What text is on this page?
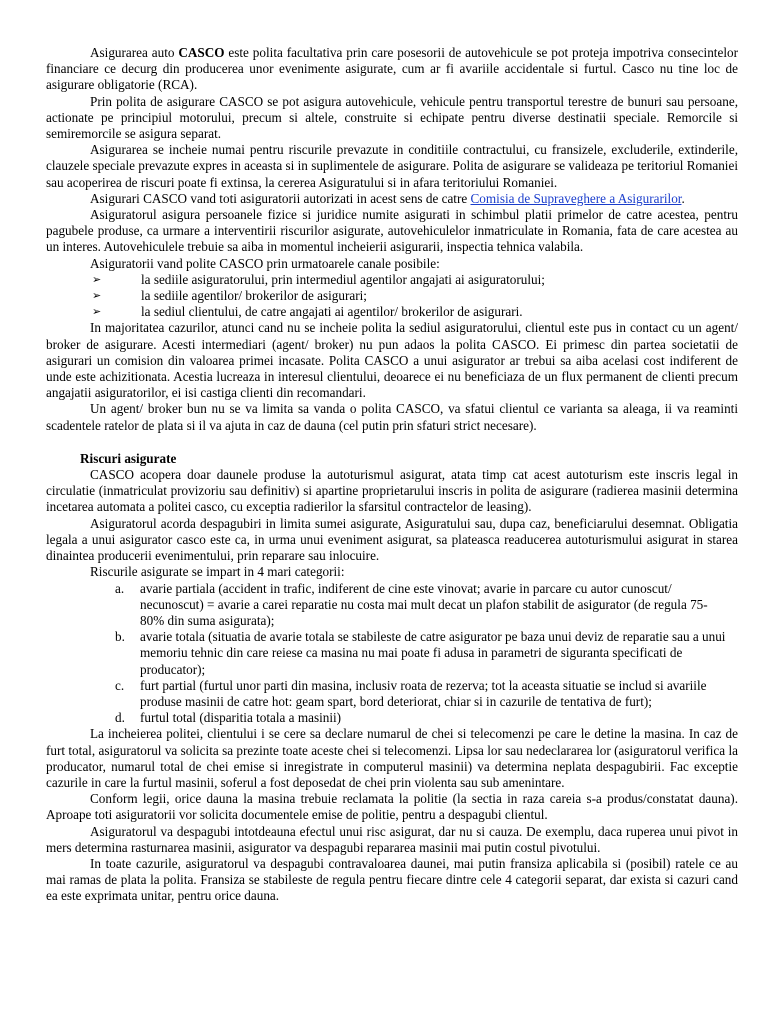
Asigurarea auto CASCO este polita facultativa prin care posesorii de autovehicule se pot proteja impotriva consecintelor financiare ce decurg din producerea unor evenimente asigurate, cum ar fi avariile accidentale si furtul. Casco nu tine loc de asigurare obligatorie (RCA).

Prin polita de asigurare CASCO se pot asigura autovehicule, vehicule pentru transportul terestre de bunuri sau persoane, actionate pe principiul motorului, precum si altele, construite si echipate pentru diverse destinatii speciale. Remorcile si semiremorcile se asigura separat.

Asigurarea se incheie numai pentru riscurile prevazute in conditiile contractului, cu fransizele, excluderile, extinderile, clauzele speciale prevazute expres in aceasta si in suplimentele de asigurare. Polita de asigurare se valideaza pe teritoriul Romaniei sau acoperirea de riscuri poate fi extinsa, la cererea Asiguratului si in afara teritoriului Romaniei.

Asigurari CASCO vand toti asiguratorii autorizati in acest sens de catre Comisia de Supraveghere a Asigurarilor.

Asiguratorul asigura persoanele fizice si juridice numite asigurati in schimbul platii primelor de catre acestea, pentru pagubele produse, ca urmare a interventirii riscurilor asigurate, autovehiculelor inmatriculate in Romania, fata de care acestea au un interes. Autovehiculele trebuie sa aiba in momentul incheierii asigurarii, inspectia tehnica valabila.

Asiguratorii vand polite CASCO prin urmatoarele canale posibile:

➢	la sediile asiguratorului, prin intermediul agentilor angajati ai asiguratorului;
➢	la sediile agentilor/ brokerilor de asigurari;
➢	la sediul clientului, de catre angajati ai agentilor/ brokerilor de asigurari.

In majoritatea cazurilor, atunci cand nu se incheie polita la sediul asiguratorului, clientul este pus in contact cu un agent/ broker de asigurare. Acesti intermediari (agent/ broker) nu pun adaos la polita CASCO. Ei primesc din partea societatii de asigurari un comision din valoarea primei incasate. Polita CASCO a unui asigurator ar trebui sa aiba acelasi cost indiferent de unde este achizitionata. Acestia lucreaza in interesul clientului, deoarece ei nu beneficiaza de un flux permanent de clienti precum angajatii asiguratorilor, ei isi castiga clienti din recomandari.

Un agent/ broker bun nu se va limita sa vanda o polita CASCO, va sfatui clientul ce varianta sa aleaga, ii va reaminti scadentele ratelor de plata si il va ajuta in caz de dauna (cel putin prin sfaturi strict necesare).

Riscuri asigurate

CASCO acopera doar daunele produse la autoturismul asigurat, atata timp cat acest autoturism este inscris legal in circulatie (inmatriculat provizoriu sau definitiv) si apartine proprietarului inscris in polita de asigurare (radierea masinii determina incetarea automata a politei casco, cu exceptia radierilor la sfarsitul contractelor de leasing).

Asiguratorul acorda despagubiri in limita sumei asigurate, Asiguratului sau, dupa caz, beneficiarului desemnat. Obligatia legala a unui asigurator casco este ca, in urma unui eveniment asigurat, sa plateasca readucerea autoturismului asigurat in starea dinaintea producerii evenimentului, prin reparare sau inlocuire.

Riscurile asigurate se impart in 4 mari categorii:

a. avarie partiala (accident in trafic, indiferent de cine este vinovat; avarie in parcare cu autor cunoscut/ necunoscut) = avarie a carei reparatie nu costa mai mult decat un plafon stabilit de asigurator (de regula 75-80% din suma asigurata);
b. avarie totala (situatia de avarie totala se stabileste de catre asigurator pe baza unui deviz de reparatie sau a unui memoriu tehnic din care reiese ca masina nu mai poate fi adusa in parametri de siguranta specificati de producator);
c. furt partial (furtul unor parti din masina, inclusiv roata de rezerva; tot la aceasta situatie se includ si avariile produse masinii de catre hot: geam spart, bord deteriorat, chiar si in cazurile de tentativa de furt);
d. furtul total (disparitia totala a masinii)

La incheierea politei, clientului i se cere sa declare numarul de chei si telecomenzi pe care le detine la masina. In caz de furt total, asiguratorul va solicita sa prezinte toate aceste chei si telecomenzi. Lipsa lor sau nedeclararea lor (asiguratorul verifica la producator, numarul total de chei emise si inregistrate in computerul masinii) va determina neplata despagubirii. Fac exceptie cazurile in care la furtul masinii, soferul a fost deposedat de chei prin violenta sau sub amenintare.

Conform legii, orice dauna la masina trebuie reclamata la politie (la sectia in raza careia s-a produs/constatat dauna). Aproape toti asiguratorii vor solicita documentele emise de politie, pentru a despagubi clientul.

Asiguratorul va despagubi intotdeauna efectul unui risc asigurat, dar nu si cauza. De exemplu, daca ruperea unui pivot in mers determina rasturnarea masinii, asigurator va despagubi repararea masinii mai putin costul pivotului.

In toate cazurile, asiguratorul va despagubi contravaloarea daunei, mai putin fransiza aplicabila si (posibil) ratele ce au mai ramas de plata la polita. Fransiza se stabileste de regula pentru fiecare dintre cele 4 categorii separat, dar exista si cazuri cand ea este exprimata unitar, pentru orice dauna.
